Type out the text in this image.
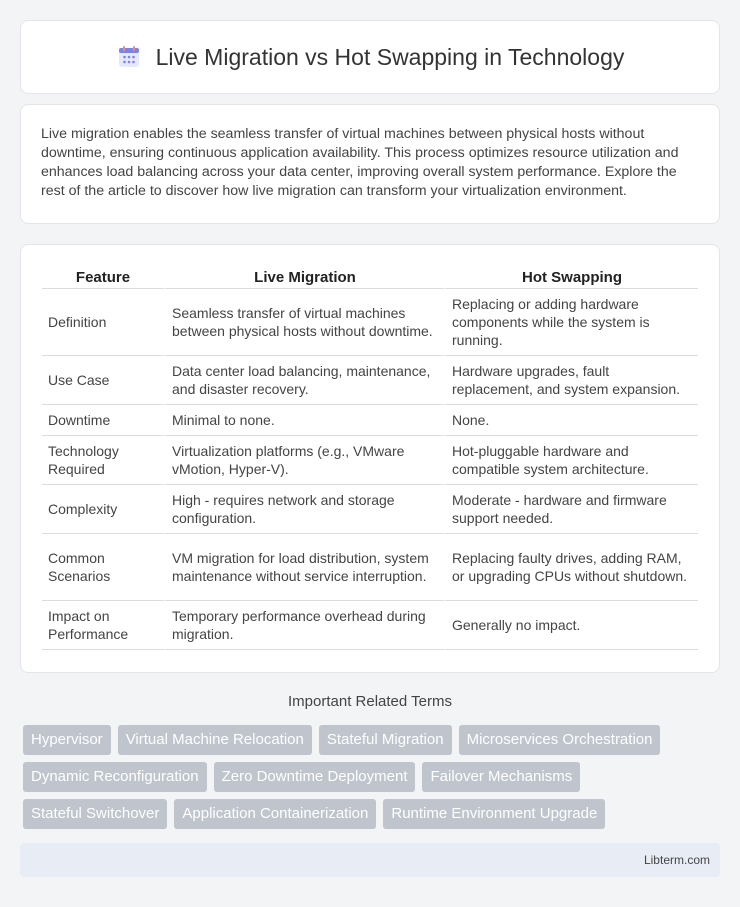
Live Migration vs Hot Swapping in Technology

Live migration enables the seamless transfer of virtual machines between physical hosts without downtime, ensuring continuous application availability. This process optimizes resource utilization and enhances load balancing across your data center, improving overall system performance. Explore the rest of the article to discover how live migration can transform your virtualization environment.

Feature	Live Migration	Hot Swapping
Definition	Seamless transfer of virtual machines between physical hosts without downtime.	Replacing or adding hardware components while the system is running.
Use Case	Data center load balancing, maintenance, and disaster recovery.	Hardware upgrades, fault replacement, and system expansion.
Downtime	Minimal to none.	None.
Technology Required	Virtualization platforms (e.g., VMware vMotion, Hyper-V).	Hot-pluggable hardware and compatible system architecture.
Complexity	High - requires network and storage configuration.	Moderate - hardware and firmware support needed.
Common Scenarios	VM migration for load distribution, system maintenance without service interruption.	Replacing faulty drives, adding RAM, or upgrading CPUs without shutdown.
Impact on Performance	Temporary performance overhead during migration.	Generally no impact.
Important Related Terms
Hypervisor	Virtual Machine Relocation	Stateful Migration	Microservices Orchestration
Dynamic Reconfiguration	Zero Downtime Deployment	Failover Mechanisms
Stateful Switchover	Application Containerization	Runtime Environment Upgrade
Libterm.com
